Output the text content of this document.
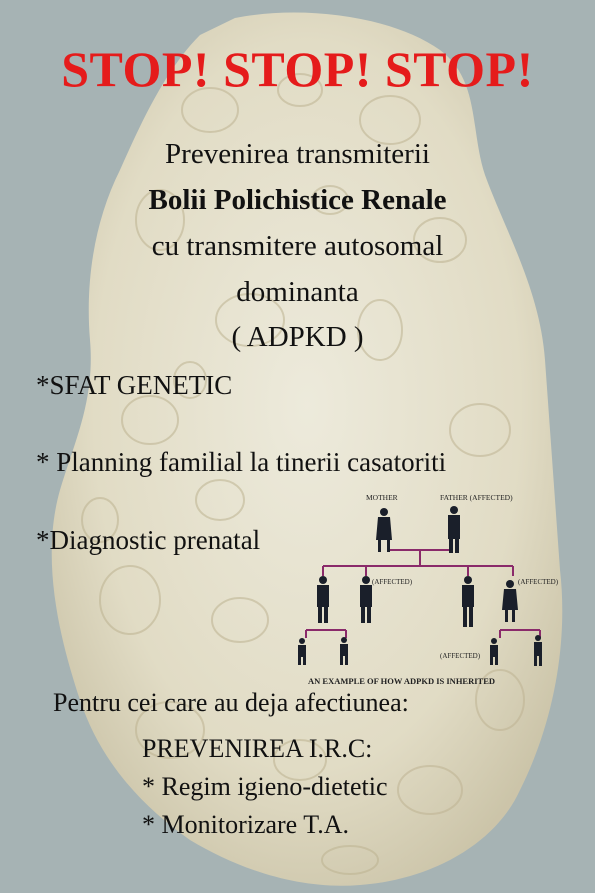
STOP! STOP! STOP!
Prevenirea transmiterii
Bolii Polichistice Renale
cu transmitere autosomal
dominanta
( ADPKD )
*SFAT GENETIC
* Planning familial la tinerii casatoriti
*Diagnostic prenatal
MOTHER	FATHER (AFFECTED)
(AFFECTED)	(AFFECTED)
(AFFECTED)
AN EXAMPLE OF HOW ADPKD IS INHERITED
Pentru cei care au deja afectiunea:
PREVENIREA I.R.C:
* Regim igieno-dietetic
* Monitorizare T.A.
